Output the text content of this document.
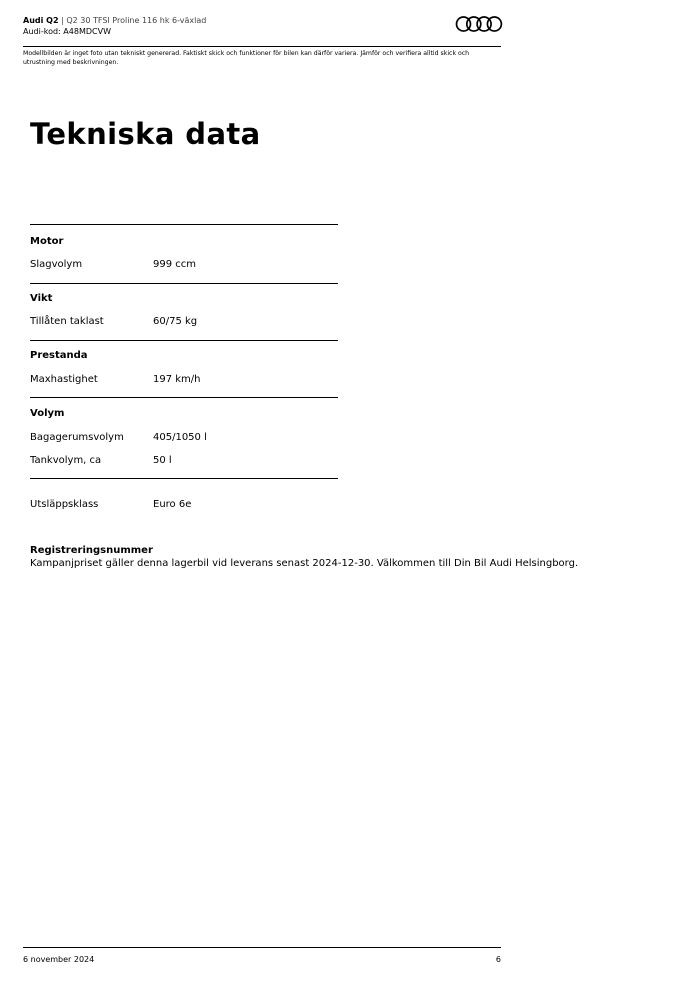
Audi Q2 | Q2 30 TFSI Proline 116 hk 6-växlad
Audi-kod: A48MDCVW
Modellbilden är inget foto utan tekniskt genererad. Faktiskt skick och funktioner för bilen kan därför variera. Jämför och verifiera alltid skick och utrustning med beskrivningen.
Tekniska data
Motor
Slagvolym	999 ccm
Vikt
Tillåten taklast	60/75 kg
Prestanda
Maxhastighet	197 km/h
Volym
Bagagerumsvolym	405/1050 l
Tankvolym, ca	50 l
Utsläppsklass	Euro 6e
Registreringsnummer
Kampanjpriset gäller denna lagerbil vid leverans senast 2024-12-30. Välkommen till Din Bil Audi Helsingborg.
6 november 2024	6
